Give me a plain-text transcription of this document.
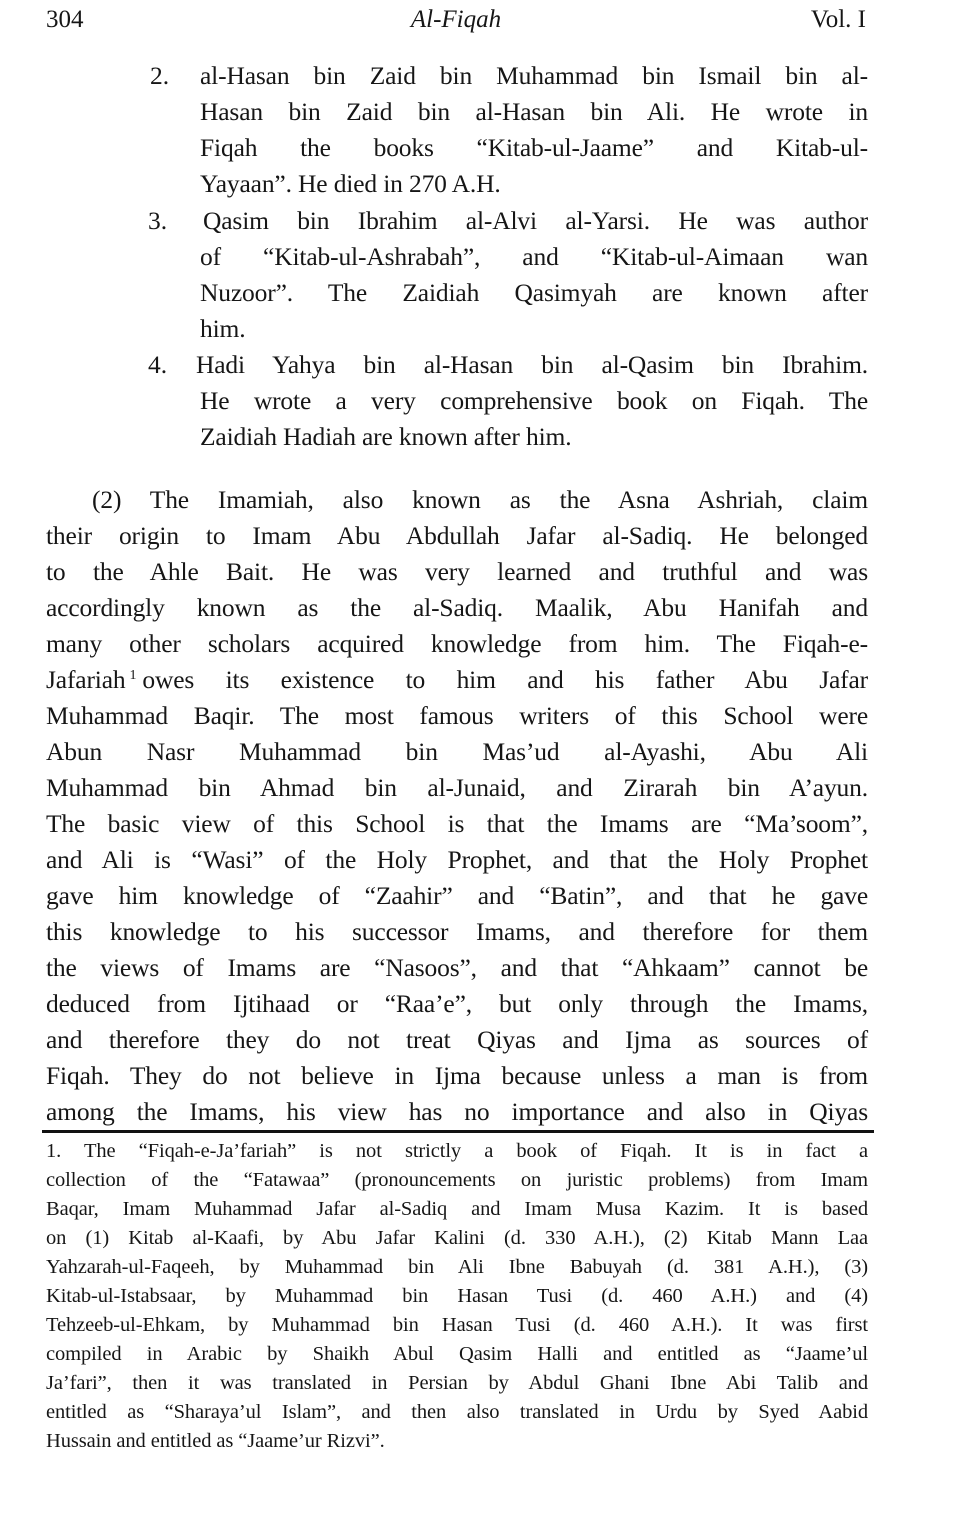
304	Al-Fiqah	Vol. I
2. al-Hasan bin Zaid bin Muhammad bin Ismail bin al-
Hasan bin Zaid bin al-Hasan bin Ali. He wrote in
Fiqah the books “Kitab-ul-Jaame” and Kitab-ul-
Yayaan”. He died in 270 A.H.
3. Qasim bin Ibrahim al-Alvi al-Yarsi. He was author
of “Kitab-ul-Ashrabah”, and “Kitab-ul-Aimaan wan
Nuzoor”. The Zaidiah Qasimyah are known after
him.
4. Hadi Yahya bin al-Hasan bin al-Qasim bin Ibrahim.
He wrote a very comprehensive book on Fiqah. The
Zaidiah Hadiah are known after him.
(2) The Imamiah, also known as the Asna Ashriah, claim
their origin to Imam Abu Abdullah Jafar al-Sadiq. He belonged
to the Ahle Bait. He was very learned and truthful and was
accordingly known as the al-Sadiq. Maalik, Abu Hanifah and
many other scholars acquired knowledge from him. The Fiqah-e-
Jafariah $^1$ owes its existence to him and his father Abu Jafar
Muhammad Baqir. The most famous writers of this School were
Abun Nasr Muhammad bin Mas’ud al-Ayashi, Abu Ali
Muhammad bin Ahmad bin al-Junaid, and Zirarah bin A’ayun.
The basic view of this School is that the Imams are “Ma’soom”,
and Ali is “Wasi” of the Holy Prophet, and that the Holy Prophet
gave him knowledge of “Zaahir” and “Batin”, and that he gave
this knowledge to his successor Imams, and therefore for them
the views of Imams are “Nasoos”, and that “Ahkaam” cannot be
deduced from Ijtihaad or “Raa’e”, but only through the Imams,
and therefore they do not treat Qiyas and Ijma as sources of
Fiqah. They do not believe in Ijma because unless a man is from
among the Imams, his view has no importance and also in Qiyas
1. The “Fiqah-e-Ja’fariah” is not strictly a book of Fiqah. It is in fact a
collection of the “Fatawaa” (pronouncements on juristic problems) from Imam
Baqar, Imam Muhammad Jafar al-Sadiq and Imam Musa Kazim. It is based
on (1) Kitab al-Kaafi, by Abu Jafar Kalini (d. 330 A.H.), (2) Kitab Mann Laa
Yahzarah-ul-Faqeeh, by Muhammad bin Ali Ibne Babuyah (d. 381 A.H.), (3)
Kitab-ul-Istabsaar, by Muhammad bin Hasan Tusi (d. 460 A.H.) and (4)
Tehzeeb-ul-Ehkam, by Muhammad bin Hasan Tusi (d. 460 A.H.). It was first
compiled in Arabic by Shaikh Abul Qasim Halli and entitled as “Jaame’ul
Ja’fari”, then it was translated in Persian by Abdul Ghani Ibne Abi Talib and
entitled as “Sharaya’ul Islam”, and then also translated in Urdu by Syed Aabid
Hussain and entitled as “Jaame’ur Rizvi”.
